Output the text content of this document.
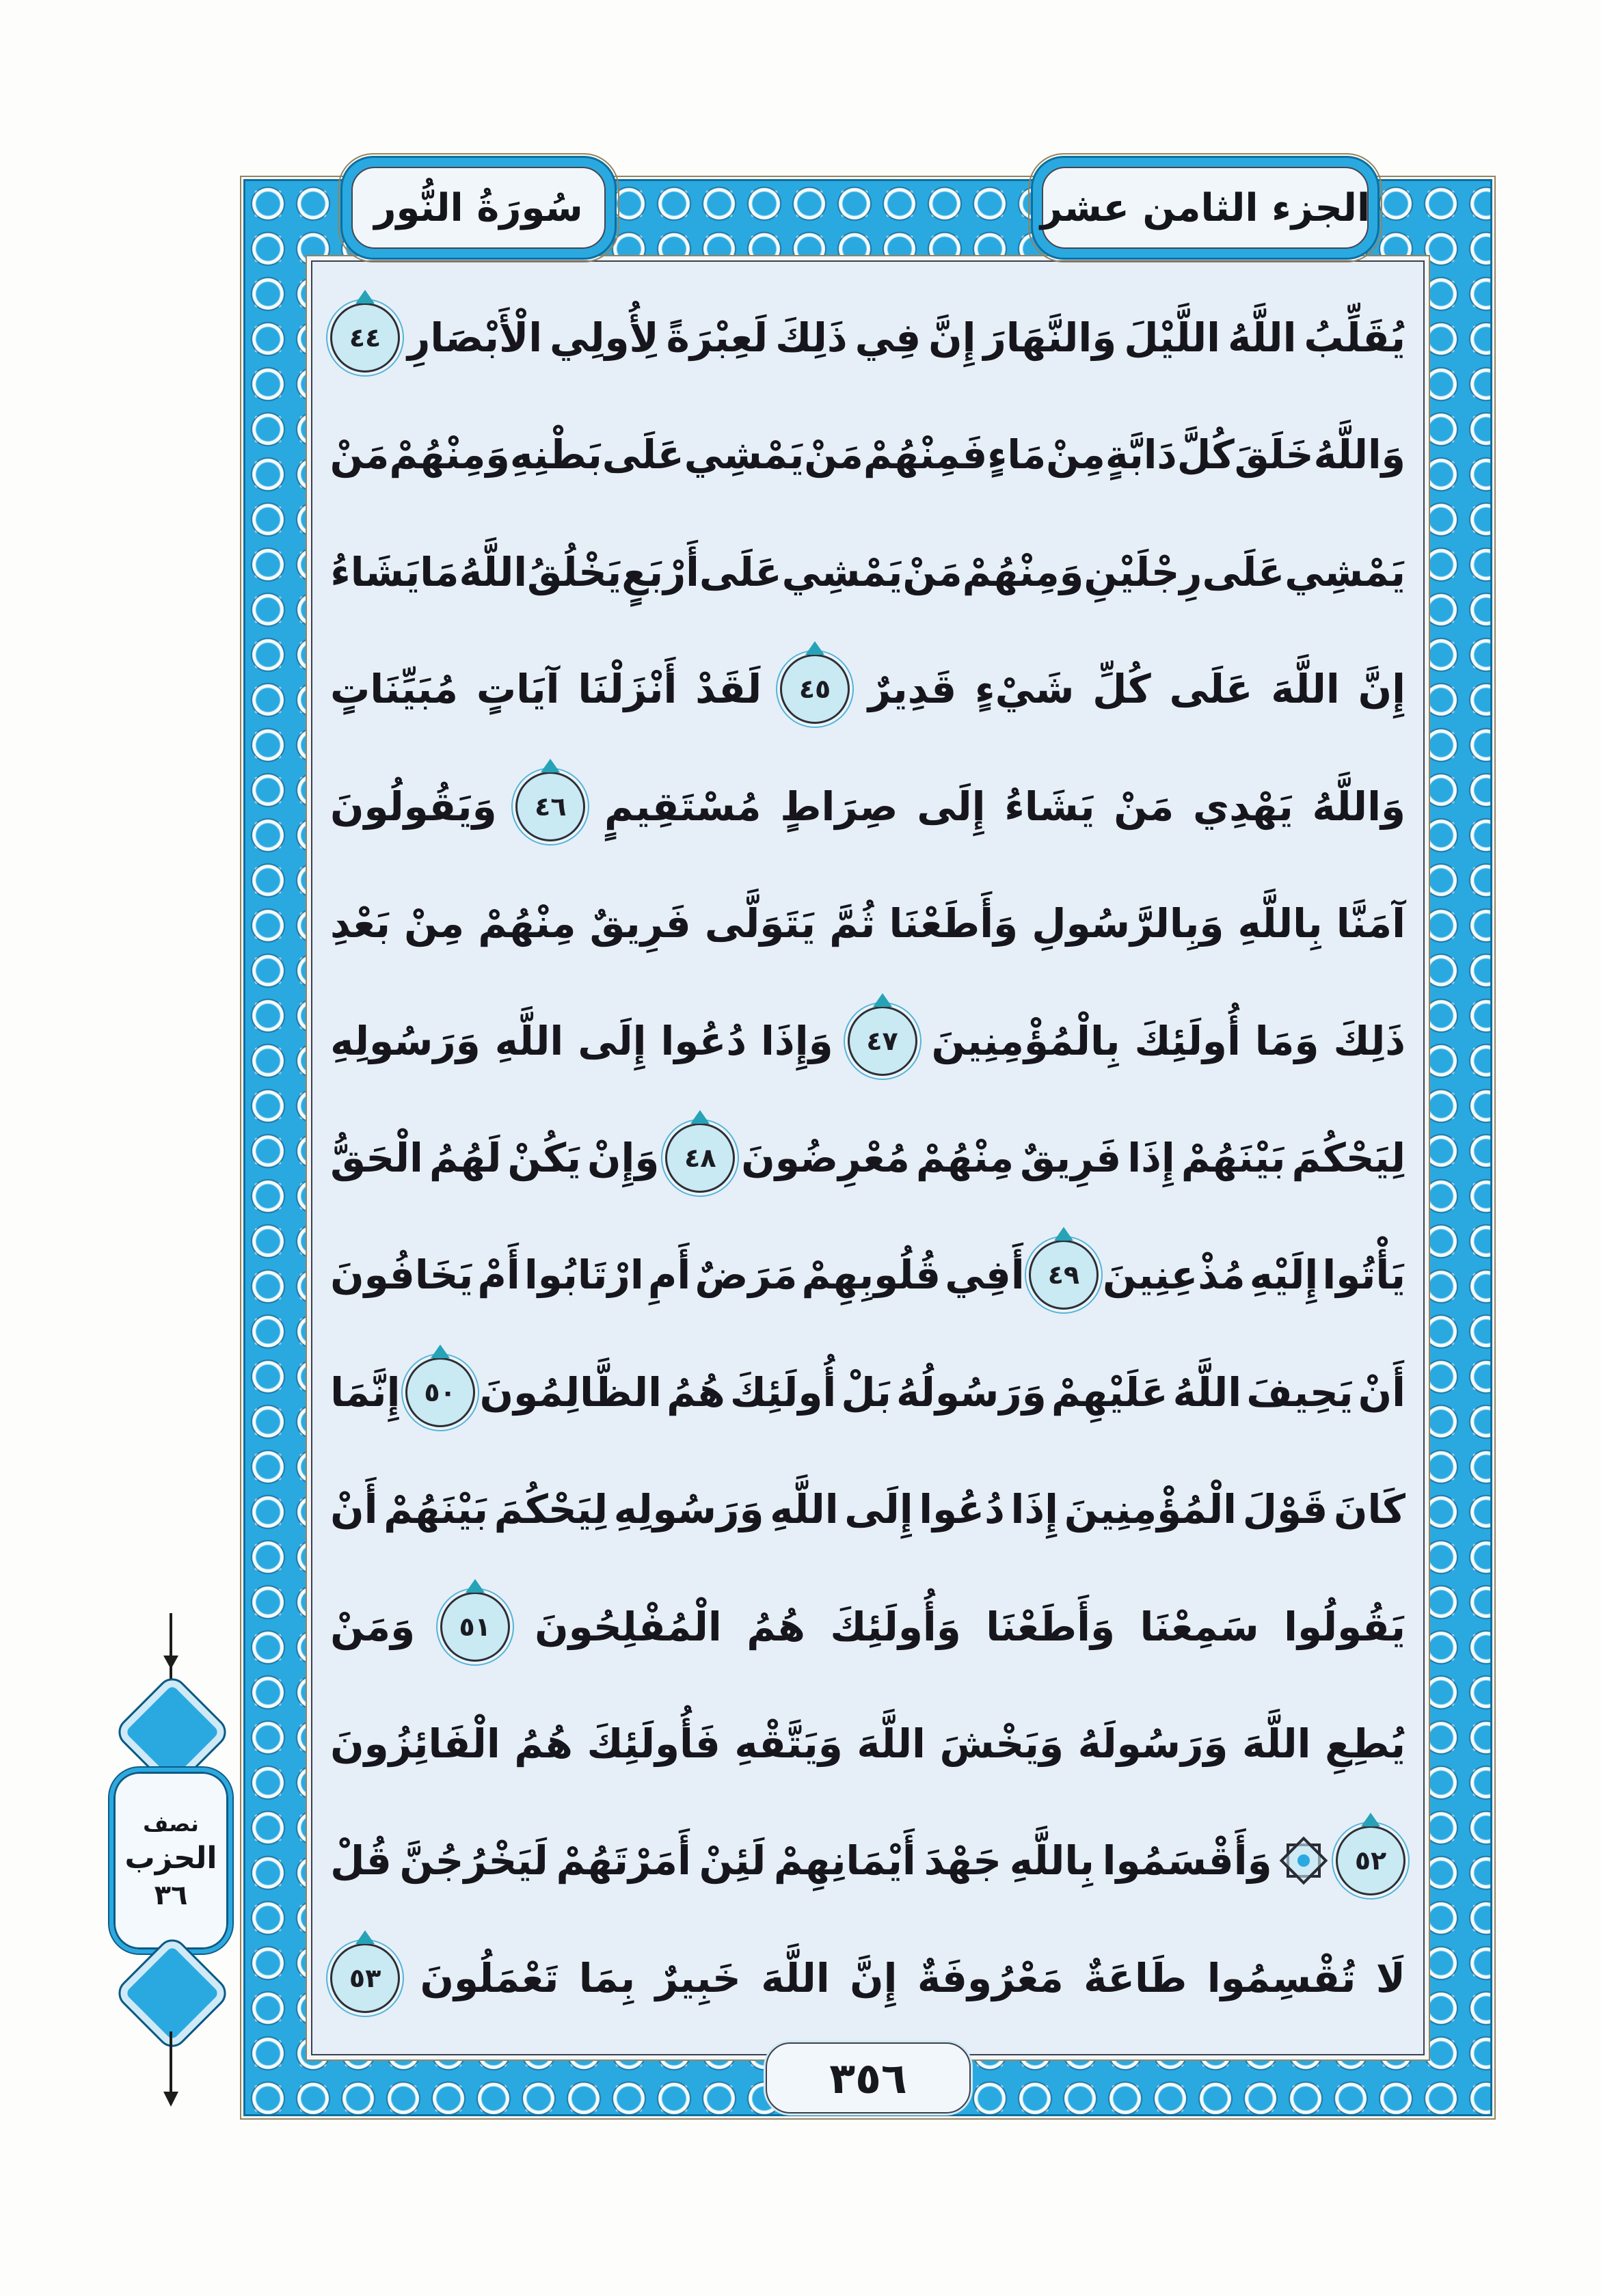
سُورَةُ النُّور	الجزء الثامن عشر
يُقَلِّبُ
اللَّهُ
اللَّيْلَ
وَالنَّهَارَ
إِنَّ
فِي
ذَلِكَ
لَعِبْرَةً
لِأُولِي
الْأَبْصَارِ
٤٤
وَاللَّهُ
خَلَقَ
كُلَّ
دَابَّةٍ
مِنْ
مَاءٍ
فَمِنْهُمْ
مَنْ
يَمْشِي
عَلَى
بَطْنِهِ
وَمِنْهُمْ
مَنْ
يَمْشِي
عَلَى
رِجْلَيْنِ
وَمِنْهُمْ
مَنْ
يَمْشِي
عَلَى
أَرْبَعٍ
يَخْلُقُ
اللَّهُ
مَا
يَشَاءُ
إِنَّ
اللَّهَ
عَلَى
كُلِّ
شَيْءٍ
قَدِيرٌ
٤٥
لَقَدْ
أَنْزَلْنَا
آيَاتٍ
مُبَيِّنَاتٍ
وَاللَّهُ
يَهْدِي
مَنْ
يَشَاءُ
إِلَى
صِرَاطٍ
مُسْتَقِيمٍ
٤٦
وَيَقُولُونَ
آمَنَّا
بِاللَّهِ
وَبِالرَّسُولِ
وَأَطَعْنَا
ثُمَّ
يَتَوَلَّى
فَرِيقٌ
مِنْهُمْ
مِنْ
بَعْدِ
ذَلِكَ
وَمَا
أُولَئِكَ
بِالْمُؤْمِنِينَ
٤٧
وَإِذَا
دُعُوا
إِلَى
اللَّهِ
وَرَسُولِهِ
لِيَحْكُمَ
بَيْنَهُمْ
إِذَا
فَرِيقٌ
مِنْهُمْ
مُعْرِضُونَ
٤٨
وَإِنْ
يَكُنْ
لَهُمُ
الْحَقُّ
يَأْتُوا
إِلَيْهِ
مُذْعِنِينَ
٤٩
أَفِي
قُلُوبِهِمْ
مَرَضٌ
أَمِ
ارْتَابُوا
أَمْ
يَخَافُونَ
أَنْ
يَحِيفَ
اللَّهُ
عَلَيْهِمْ
وَرَسُولُهُ
بَلْ
أُولَئِكَ
هُمُ
الظَّالِمُونَ
٥٠
إِنَّمَا
كَانَ
قَوْلَ
الْمُؤْمِنِينَ
إِذَا
دُعُوا
إِلَى
اللَّهِ
وَرَسُولِهِ
لِيَحْكُمَ
بَيْنَهُمْ
أَنْ
يَقُولُوا
سَمِعْنَا
وَأَطَعْنَا
وَأُولَئِكَ
هُمُ
الْمُفْلِحُونَ
٥١
وَمَنْ
يُطِعِ
اللَّهَ
وَرَسُولَهُ
وَيَخْشَ
اللَّهَ
وَيَتَّقْهِ
فَأُولَئِكَ
هُمُ
الْفَائِزُونَ
٥٢
وَأَقْسَمُوا
بِاللَّهِ
جَهْدَ
أَيْمَانِهِمْ
لَئِنْ
أَمَرْتَهُمْ
لَيَخْرُجُنَّ
قُلْ
لَا
تُقْسِمُوا
طَاعَةٌ
مَعْرُوفَةٌ
إِنَّ
اللَّهَ
خَبِيرٌ
بِمَا
تَعْمَلُونَ
٥٣
٣٥٦
نصف
الحزب
٣٦
